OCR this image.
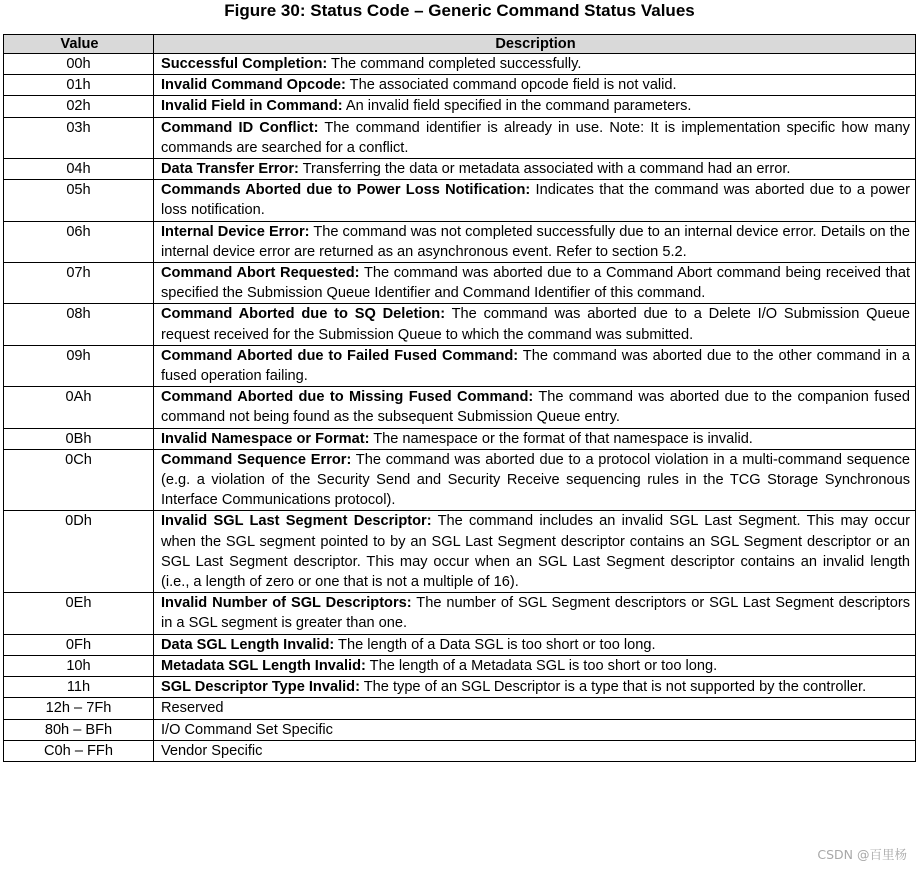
Figure 30: Status Code – Generic Command Status Values
Value	Description
00h	Successful Completion: The command completed successfully.
01h	Invalid Command Opcode: The associated command opcode field is not valid.
02h	Invalid Field in Command: An invalid field specified in the command parameters.
03h	Command ID Conflict: The command identifier is already in use. Note: It is implementation specific how many commands are searched for a conflict.
04h	Data Transfer Error: Transferring the data or metadata associated with a command had an error.
05h	Commands Aborted due to Power Loss Notification: Indicates that the command was aborted due to a power loss notification.
06h	Internal Device Error: The command was not completed successfully due to an internal device error. Details on the internal device error are returned as an asynchronous event. Refer to section 5.2.
07h	Command Abort Requested: The command was aborted due to a Command Abort command being received that specified the Submission Queue Identifier and Command Identifier of this command.
08h	Command Aborted due to SQ Deletion: The command was aborted due to a Delete I/O Submission Queue request received for the Submission Queue to which the command was submitted.
09h	Command Aborted due to Failed Fused Command: The command was aborted due to the other command in a fused operation failing.
0Ah	Command Aborted due to Missing Fused Command: The command was aborted due to the companion fused command not being found as the subsequent Submission Queue entry.
0Bh	Invalid Namespace or Format: The namespace or the format of that namespace is invalid.
0Ch	Command Sequence Error: The command was aborted due to a protocol violation in a multi-command sequence (e.g. a violation of the Security Send and Security Receive sequencing rules in the TCG Storage Synchronous Interface Communications protocol).
0Dh	Invalid SGL Last Segment Descriptor: The command includes an invalid SGL Last Segment. This may occur when the SGL segment pointed to by an SGL Last Segment descriptor contains an SGL Segment descriptor or an SGL Last Segment descriptor. This may occur when an SGL Last Segment descriptor contains an invalid length (i.e., a length of zero or one that is not a multiple of 16).
0Eh	Invalid Number of SGL Descriptors: The number of SGL Segment descriptors or SGL Last Segment descriptors in a SGL segment is greater than one.
0Fh	Data SGL Length Invalid: The length of a Data SGL is too short or too long.
10h	Metadata SGL Length Invalid: The length of a Metadata SGL is too short or too long.
11h	SGL Descriptor Type Invalid: The type of an SGL Descriptor is a type that is not supported by the controller.
12h – 7Fh	Reserved
80h – BFh	I/O Command Set Specific
C0h – FFh	Vendor Specific
CSDN @百里杨
